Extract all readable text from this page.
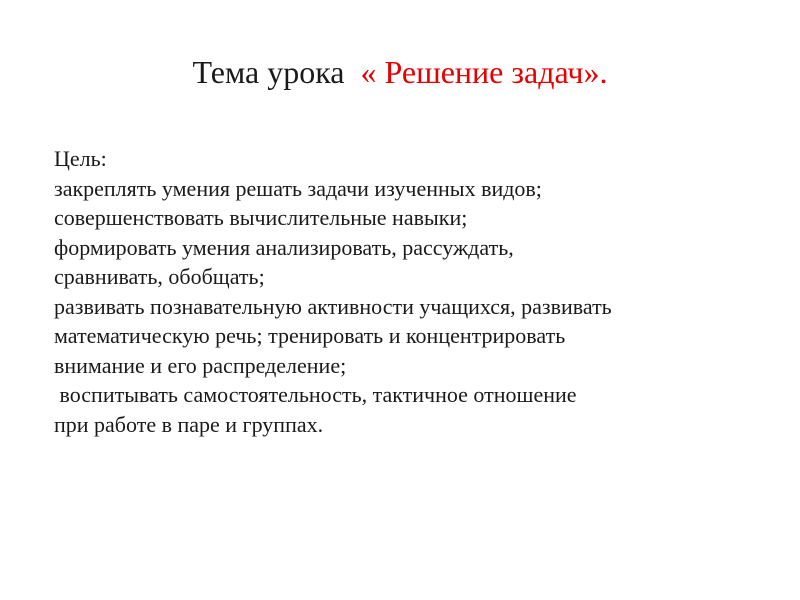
Тема урока  « Решение задач».
Цель:
закреплять умения решать задачи изученных видов;
совершенствовать вычислительные навыки;
формировать умения анализировать, рассуждать,
сравнивать, обобщать;
развивать познавательную активности учащихся, развивать
математическую речь; тренировать и концентрировать
внимание и его распределение;
воспитывать самостоятельность, тактичное отношение
при работе в паре и группах.
